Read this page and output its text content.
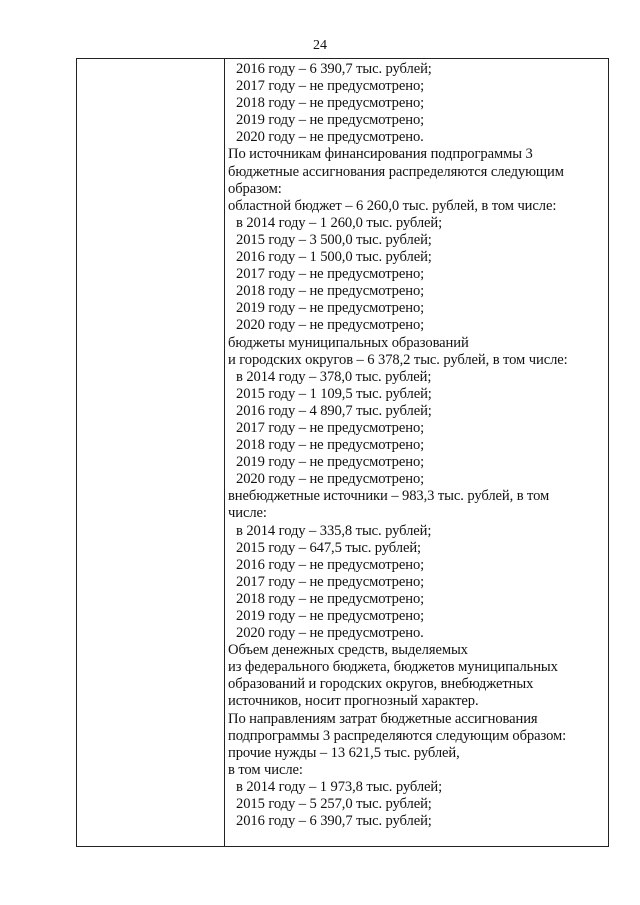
24
2016 году – 6 390,7 тыс. рублей;
2017 году – не предусмотрено;
2018 году – не предусмотрено;
2019 году – не предусмотрено;
2020 году – не предусмотрено.
По источникам финансирования подпрограммы 3
бюджетные ассигнования распределяются следующим
образом:
областной бюджет – 6 260,0 тыс. рублей, в том числе:
в 2014 году – 1 260,0 тыс. рублей;
2015 году – 3 500,0 тыс. рублей;
2016 году – 1 500,0 тыс. рублей;
2017 году – не предусмотрено;
2018 году – не предусмотрено;
2019 году – не предусмотрено;
2020 году – не предусмотрено;
бюджеты муниципальных образований
и городских округов – 6 378,2 тыс. рублей, в том числе:
в 2014 году – 378,0 тыс. рублей;
2015 году – 1 109,5 тыс. рублей;
2016 году – 4 890,7 тыс. рублей;
2017 году – не предусмотрено;
2018 году – не предусмотрено;
2019 году – не предусмотрено;
2020 году – не предусмотрено;
внебюджетные источники – 983,3 тыс. рублей, в том
числе:
в 2014 году – 335,8 тыс. рублей;
2015 году – 647,5 тыс. рублей;
2016 году – не предусмотрено;
2017 году – не предусмотрено;
2018 году – не предусмотрено;
2019 году – не предусмотрено;
2020 году – не предусмотрено.
Объем денежных средств, выделяемых
из федерального бюджета, бюджетов муниципальных
образований и городских округов, внебюджетных
источников, носит прогнозный характер.
По направлениям затрат бюджетные ассигнования
подпрограммы 3 распределяются следующим образом:
прочие нужды – 13 621,5 тыс. рублей,
в том числе:
в 2014 году – 1 973,8 тыс. рублей;
2015 году – 5 257,0 тыс. рублей;
2016 году – 6 390,7 тыс. рублей;
